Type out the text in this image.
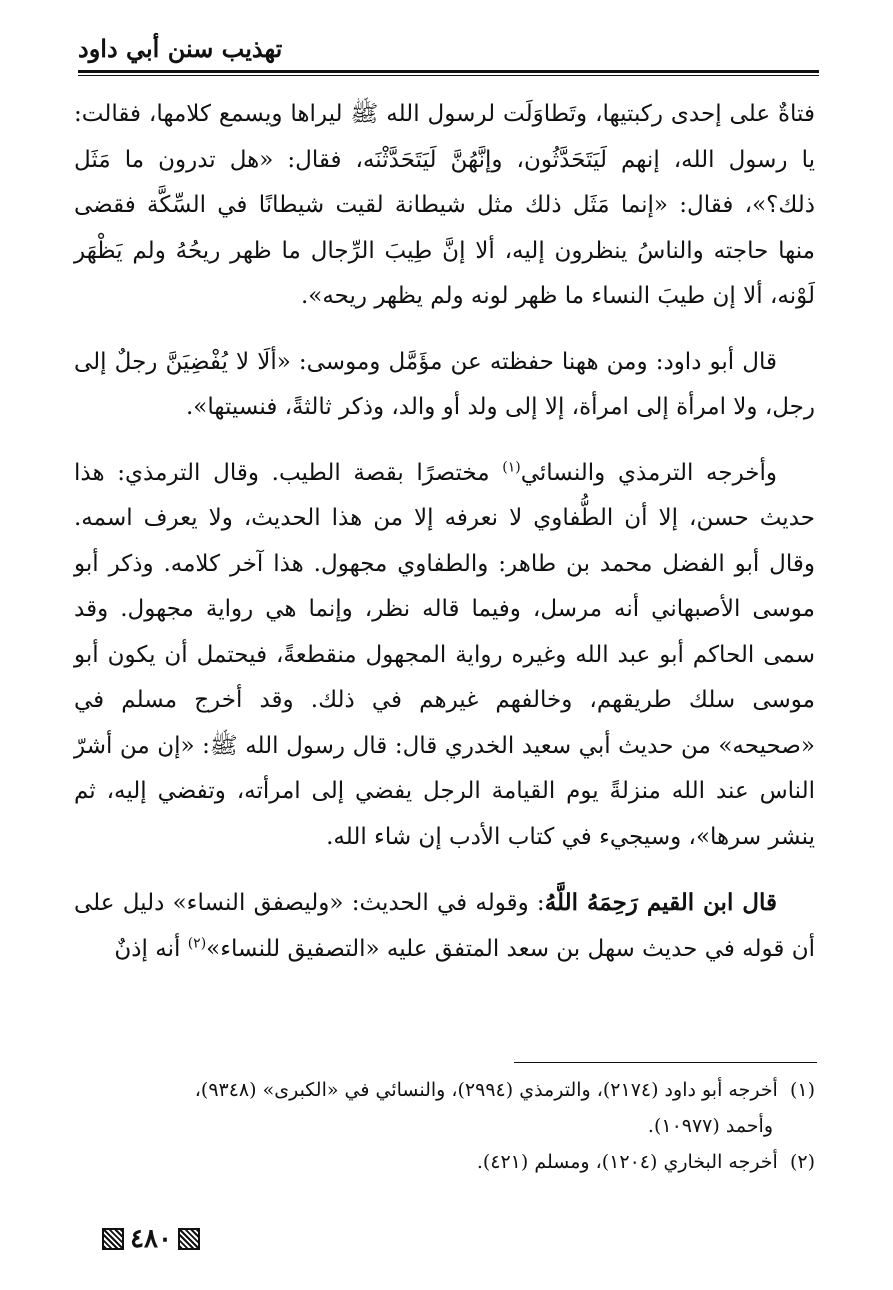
تهذيب سنن أبي داود

فتاةٌ على إحدى ركبتيها، وتَطاوَلَت لرسول الله ﷺ ليراها ويسمع كلامها، فقالت: يا رسول الله، إنهم لَيَتَحَدَّثُون، وإنَّهُنَّ لَيَتَحَدَّثْنَه، فقال: «هل تدرون ما مَثَل ذلك؟»، فقال: «إنما مَثَل ذلك مثل شيطانة لقيت شيطانًا في السِّكَّة فقضى منها حاجته والناسُ ينظرون إليه، ألا إنَّ طِيبَ الرِّجال ما ظهر ريحُهُ ولم يَظْهَر لَوْنه، ألا إن طيبَ النساء ما ظهر لونه ولم يظهر ريحه».

قال أبو داود: ومن ههنا حفظته عن مؤَمَّل وموسى: «ألَا لا يُفْضِيَنَّ رجلٌ إلى رجل، ولا امرأة إلى امرأة، إلا إلى ولد أو والد، وذكر ثالثةً، فنسيتها».

وأخرجه الترمذي والنسائي$^{(١)}$ مختصرًا بقصة الطيب. وقال الترمذي: هذا حديث حسن، إلا أن الطُّفاوي لا نعرفه إلا من هذا الحديث، ولا يعرف اسمه. وقال أبو الفضل محمد بن طاهر: والطفاوي مجهول. هذا آخر كلامه. وذكر أبو موسى الأصبهاني أنه مرسل، وفيما قاله نظر، وإنما هي رواية مجهول. وقد سمى الحاكم أبو عبد الله وغيره رواية المجهول منقطعةً، فيحتمل أن يكون أبو موسى سلك طريقهم، وخالفهم غيرهم في ذلك. وقد أخرج مسلم في «صحيحه» من حديث أبي سعيد الخدري قال: قال رسول الله ﷺ: «إن من أشرّ الناس عند الله منزلةً يوم القيامة الرجل يفضي إلى امرأته، وتفضي إليه، ثم ينشر سرها»، وسيجيء في كتاب الأدب إن شاء الله.

قال ابن القيم رَحِمَهُ اللَّهُ: وقوله في الحديث: «وليصفق النساء» دليل على أن قوله في حديث سهل بن سعد المتفق عليه «التصفيق للنساء»$^{(٢)}$ أنه إذنٌ

(١)  أخرجه أبو داود (٢١٧٤)، والترمذي (٢٩٩٤)، والنسائي في «الكبرى» (٩٣٤٨)،

وأحمد (١٠٩٧٧).

(٢)  أخرجه البخاري (١٢٠٤)، ومسلم (٤٢١).

٤٨٠
